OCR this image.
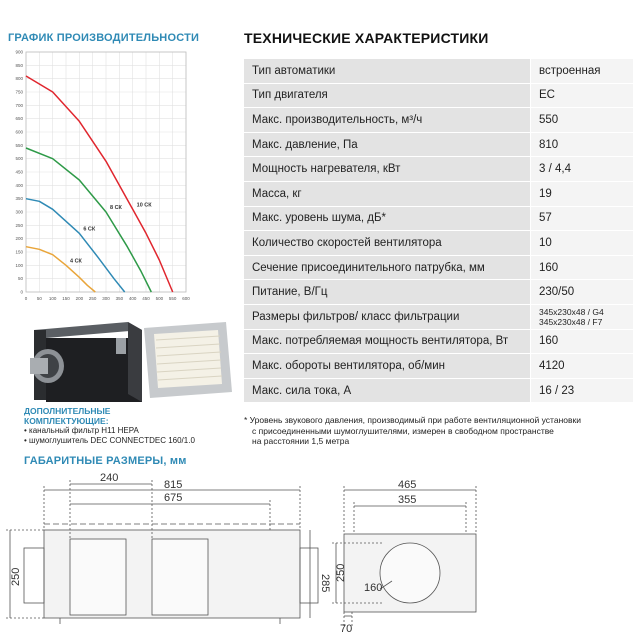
ГРАФИК ПРОИЗВОДИТЕЛЬНОСТИ	ТЕХНИЧЕСКИЕ ХАРАКТЕРИСТИКИ
0 50 100 150 200 250 300 350 400 450 500 550 600
0
50
100
150
200
250
300
350
400
450
500
550
600
650
700
750
800
850
900
10 СК
8 СК
6 СК
4 СК
Тип автоматики	встроенная
Тип двигателя	EC
Макс. производительность, м³/ч	550
Макс. давление, Па	810
Мощность нагревателя, кВт	3 / 4,4
Масса, кг	19
Макс. уровень шума, дБ*	57
Количество скоростей вентилятора	10
Сечение присоединительного патрубка, мм	160
Питание, В/Гц	230/50
Размеры фильтров/ класс фильтрации	345x230x48 / G4
345x230x48 / F7

Макс. потребляемая мощность вентилятора, Вт	160
Макс. обороты вентилятора, об/мин	4120
Макс. сила тока, А	16 / 23
* Уровень звукового давления, производимый при работе вентиляционной установки
с присоединенными шумоглушителями, измерен в свободном пространстве
на расстоянии 1,5 метра
ДОПОЛНИТЕЛЬНЫЕ
КОМПЛЕКТУЮЩИЕ:
• канальный фильтр H11 HEPA
• шумоглушитель DEC CONNECTDEC 160/1.0
ГАБАРИТНЫЕ РАЗМЕРЫ, мм
240
815
675
250	285
465
355
250
160
70
